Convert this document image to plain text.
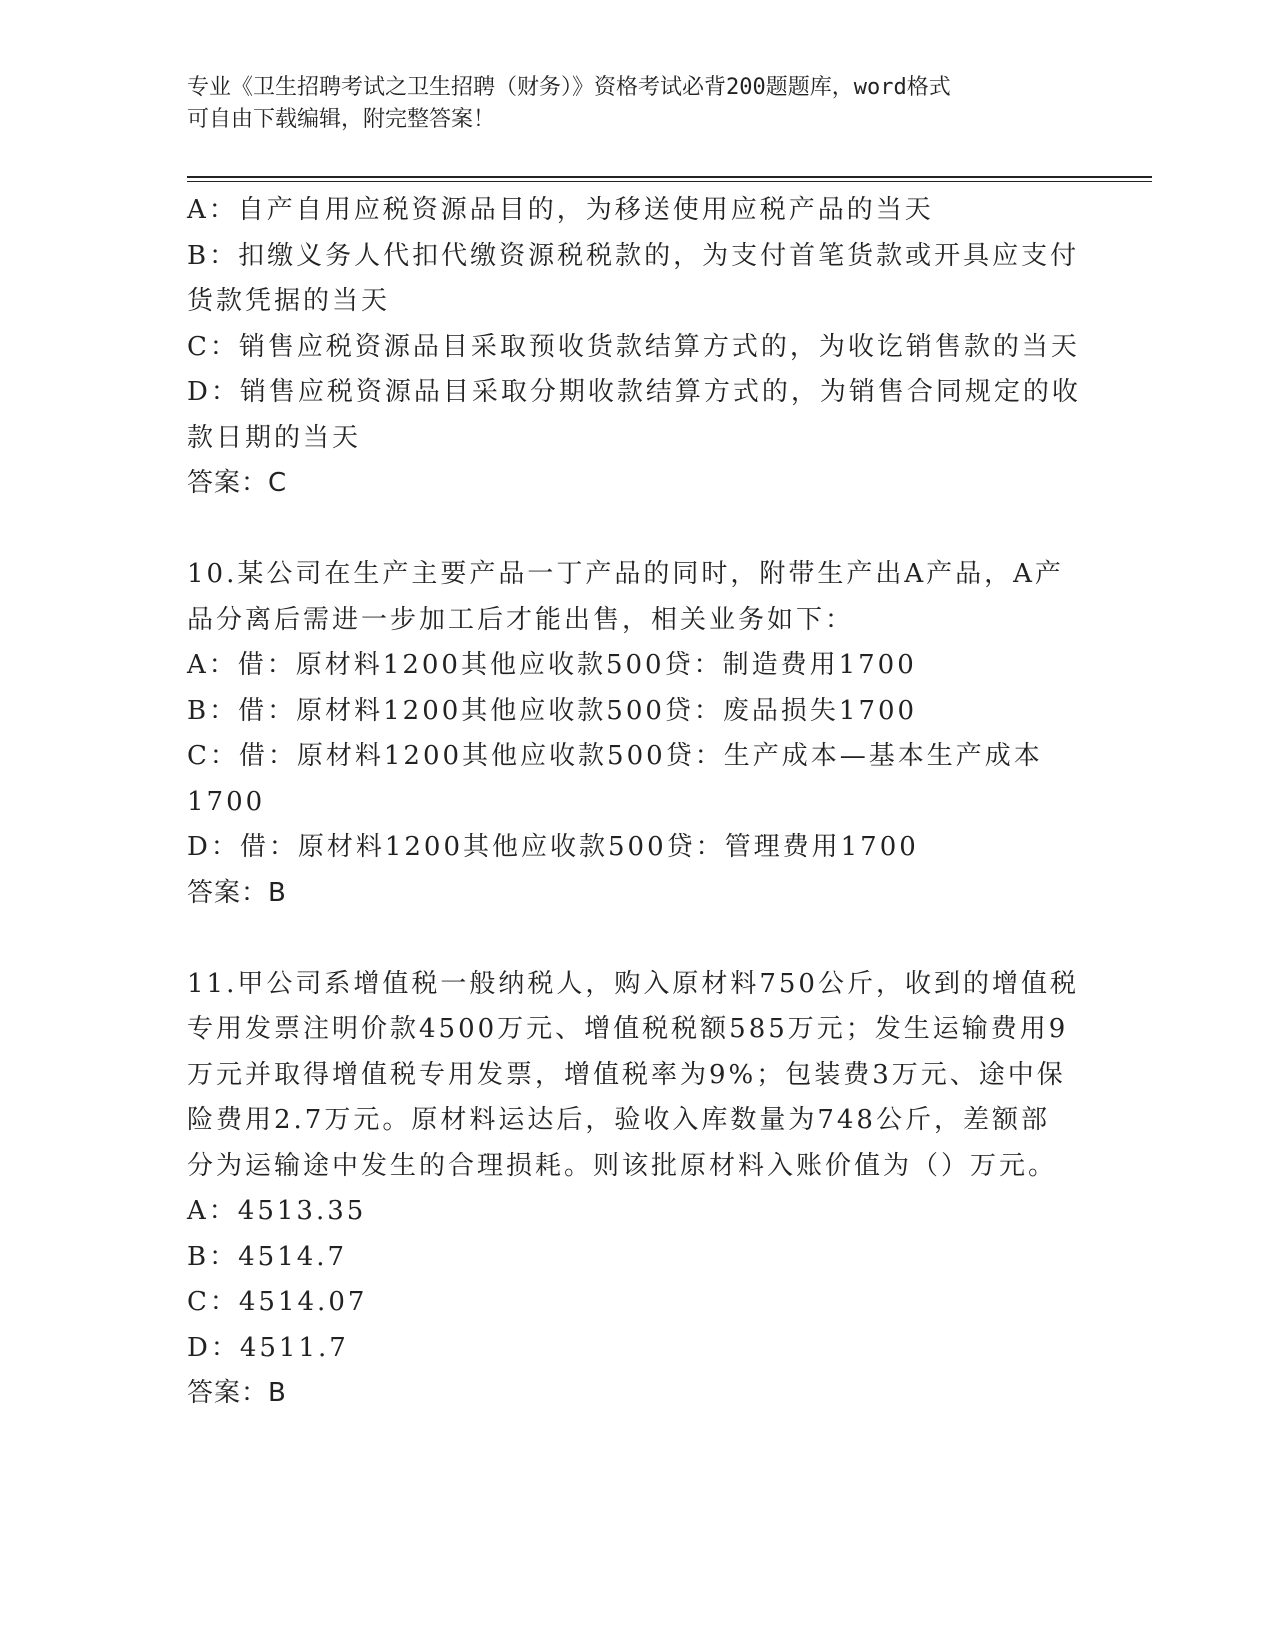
专业《卫生招聘考试之卫生招聘（财务）》资格考试必背200题题库，word格式
可自由下载编辑，附完整答案！
A：自产自用应税资源品目的，为移送使用应税产品的当天
B：扣缴义务人代扣代缴资源税税款的，为支付首笔货款或开具应支付
货款凭据的当天
C：销售应税资源品目采取预收货款结算方式的，为收讫销售款的当天
D：销售应税资源品目采取分期收款结算方式的，为销售合同规定的收
款日期的当天
答案：C
10.某公司在生产主要产品一丁产品的同时，附带生产出A产品，A产
品分离后需进一步加工后才能出售，相关业务如下：
A：借：原材料1200其他应收款500贷：制造费用1700
B：借：原材料1200其他应收款500贷：废品损失1700
C：借：原材料1200其他应收款500贷：生产成本—基本生产成本
1700
D：借：原材料1200其他应收款500贷：管理费用1700
答案：B
11.甲公司系增值税一般纳税人，购入原材料750公斤，收到的增值税
专用发票注明价款4500万元、增值税税额585万元；发生运输费用9
万元并取得增值税专用发票，增值税率为9%；包装费3万元、途中保
险费用2.7万元。原材料运达后，验收入库数量为748公斤，差额部
分为运输途中发生的合理损耗。则该批原材料入账价值为（）万元。
A：4513.35
B：4514.7
C：4514.07
D：4511.7
答案：B
